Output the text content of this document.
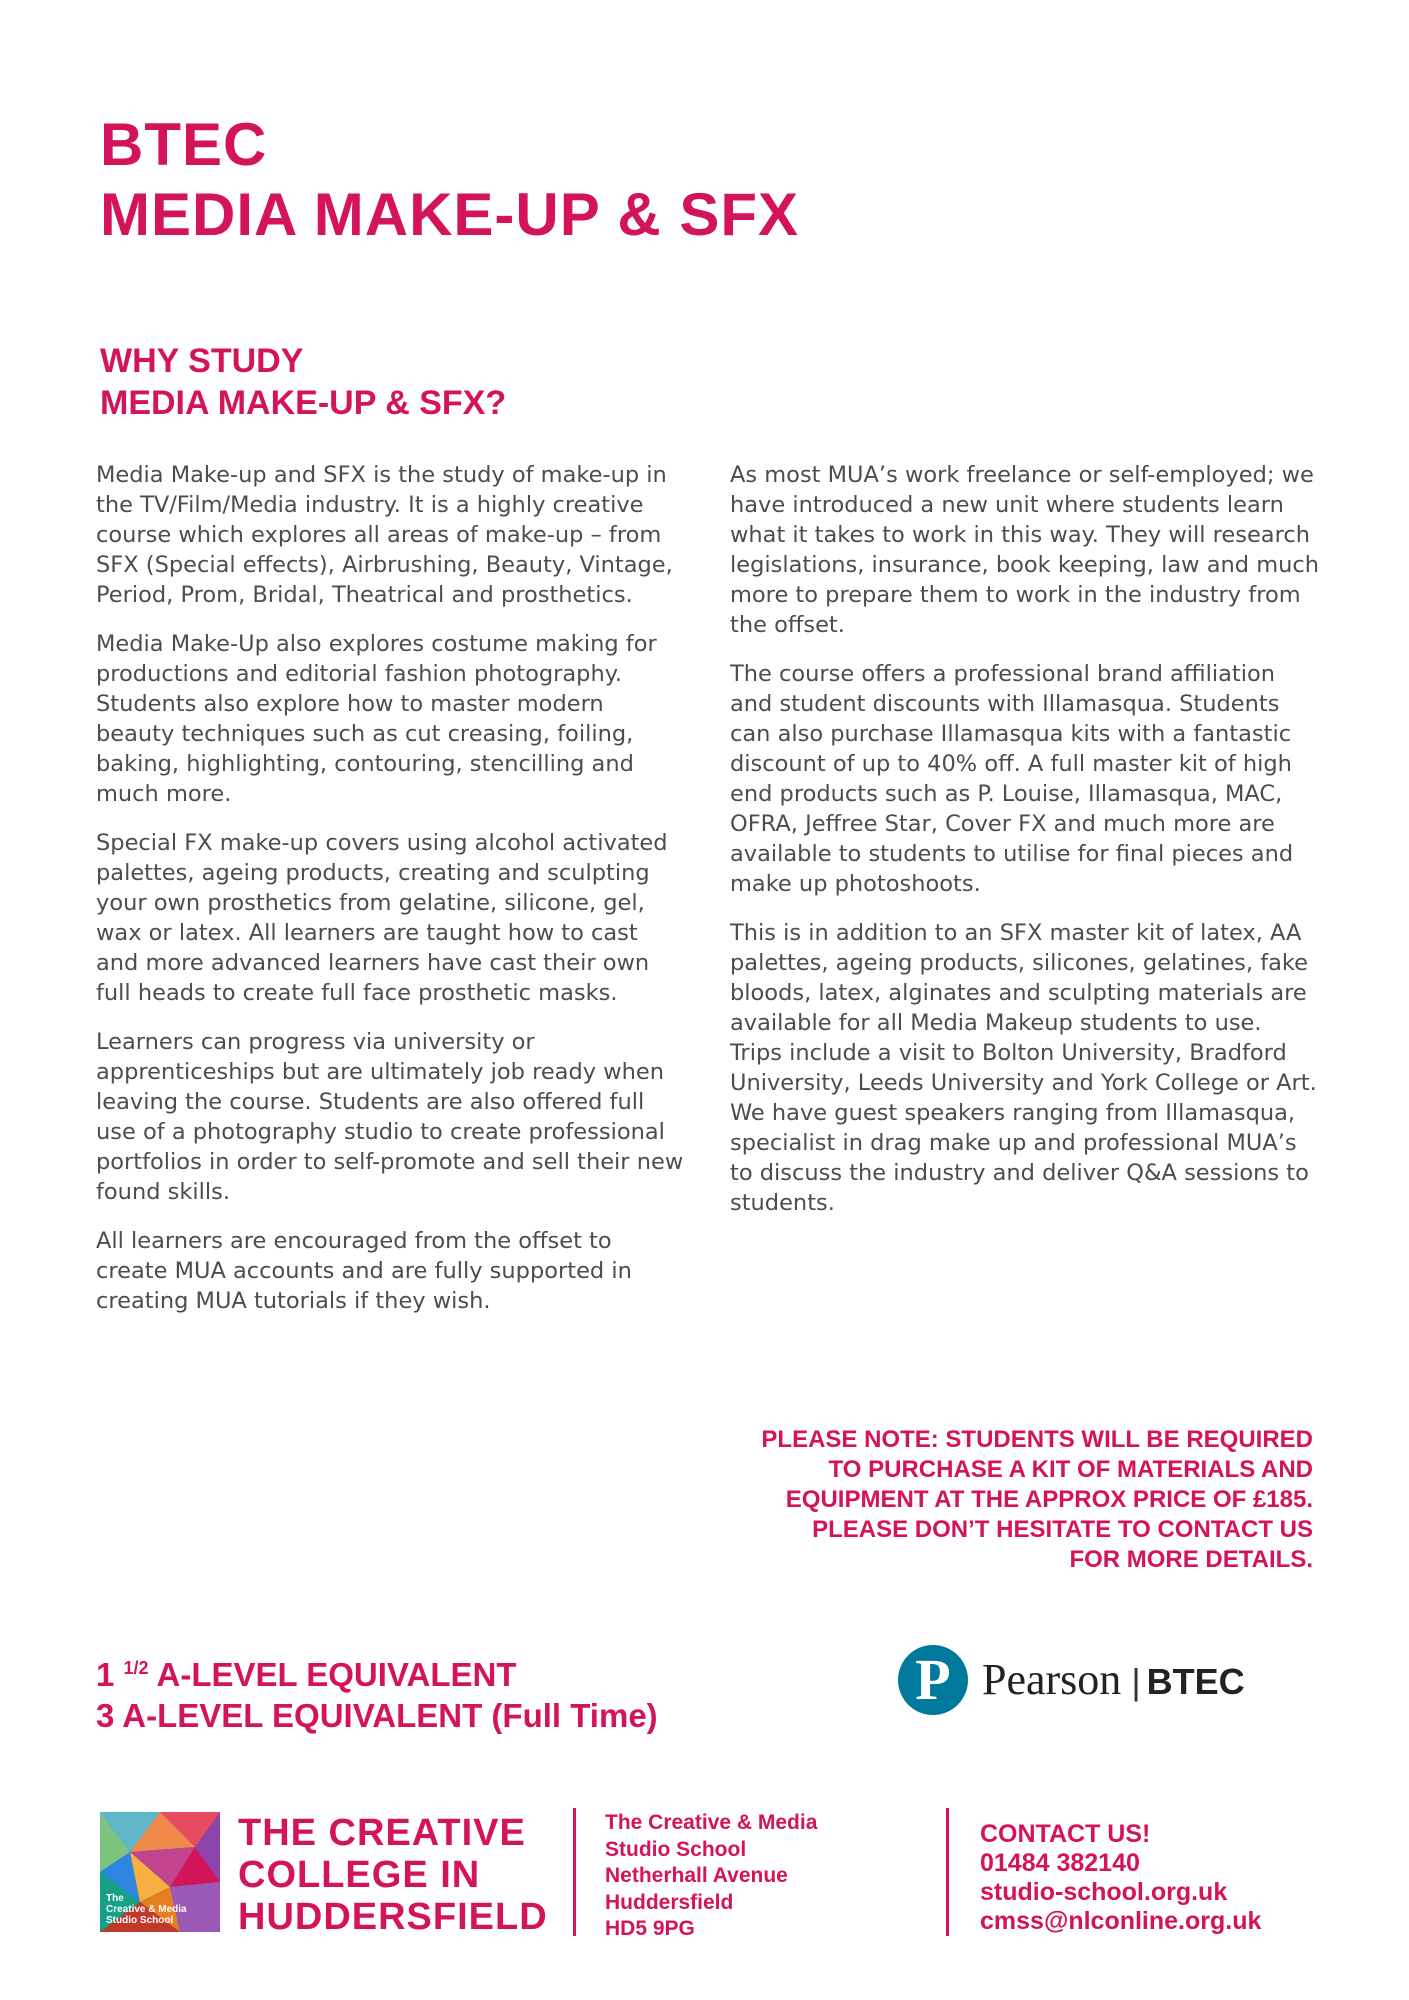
BTEC
MEDIA MAKE-UP & SFX
WHY STUDY
MEDIA MAKE-UP & SFX?

Media Make-up and SFX is the study of make-up in the TV/Film/Media industry. It is a highly creative course which explores all areas of make-up – from SFX (Special effects), Airbrushing, Beauty, Vintage, Period, Prom, Bridal, Theatrical and prosthetics.

Media Make-Up also explores costume making for productions and editorial fashion photography. Students also explore how to master modern beauty techniques such as cut creasing, foiling, baking, highlighting, contouring, stencilling and much more.

Special FX make-up covers using alcohol activated palettes, ageing products, creating and sculpting your own prosthetics from gelatine, silicone, gel, wax or latex. All learners are taught how to cast and more advanced learners have cast their own full heads to create full face prosthetic masks.

Learners can progress via university or apprenticeships but are ultimately job ready when leaving the course. Students are also offered full use of a photography studio to create professional portfolios in order to self-promote and sell their new found skills.

All learners are encouraged from the offset to create MUA accounts and are fully supported in creating MUA tutorials if they wish.

As most MUA’s work freelance or self-employed; we have introduced a new unit where students learn what it takes to work in this way. They will research legislations, insurance, book keeping, law and much more to prepare them to work in the industry from the offset.

The course offers a professional brand affiliation and student discounts with Illamasqua. Students can also purchase Illamasqua kits with a fantastic discount of up to 40% off. A full master kit of high end products such as P. Louise, Illamasqua, MAC, OFRA, Jeffree Star, Cover FX and much more are available to students to utilise for final pieces and make up photoshoots.

This is in addition to an SFX master kit of latex, AA palettes, ageing products, silicones, gelatines, fake bloods, latex, alginates and sculpting materials are available for all Media Makeup students to use. Trips include a visit to Bolton University, Bradford University, Leeds University and York College or Art. We have guest speakers ranging from Illamasqua, specialist in drag make up and professional MUA’s to discuss the industry and deliver Q&A sessions to students.

PLEASE NOTE: STUDENTS WILL BE REQUIRED
TO PURCHASE A KIT OF MATERIALS AND
EQUIPMENT AT THE APPROX PRICE OF £185.
PLEASE DON’T HESITATE TO CONTACT US
FOR MORE DETAILS.

1 $^{1/2}$ A-LEVEL EQUIVALENT
3 A-LEVEL EQUIVALENT (Full Time)
P Pearson | BTEC
The
Creative & Media
Studio School
THE CREATIVE
COLLEGE IN
HUDDERSFIELD
The Creative & Media
Studio School
Netherhall Avenue
Huddersfield
HD5 9PG
CONTACT US!
01484 382140
studio-school.org.uk
cmss@nlconline.org.uk
